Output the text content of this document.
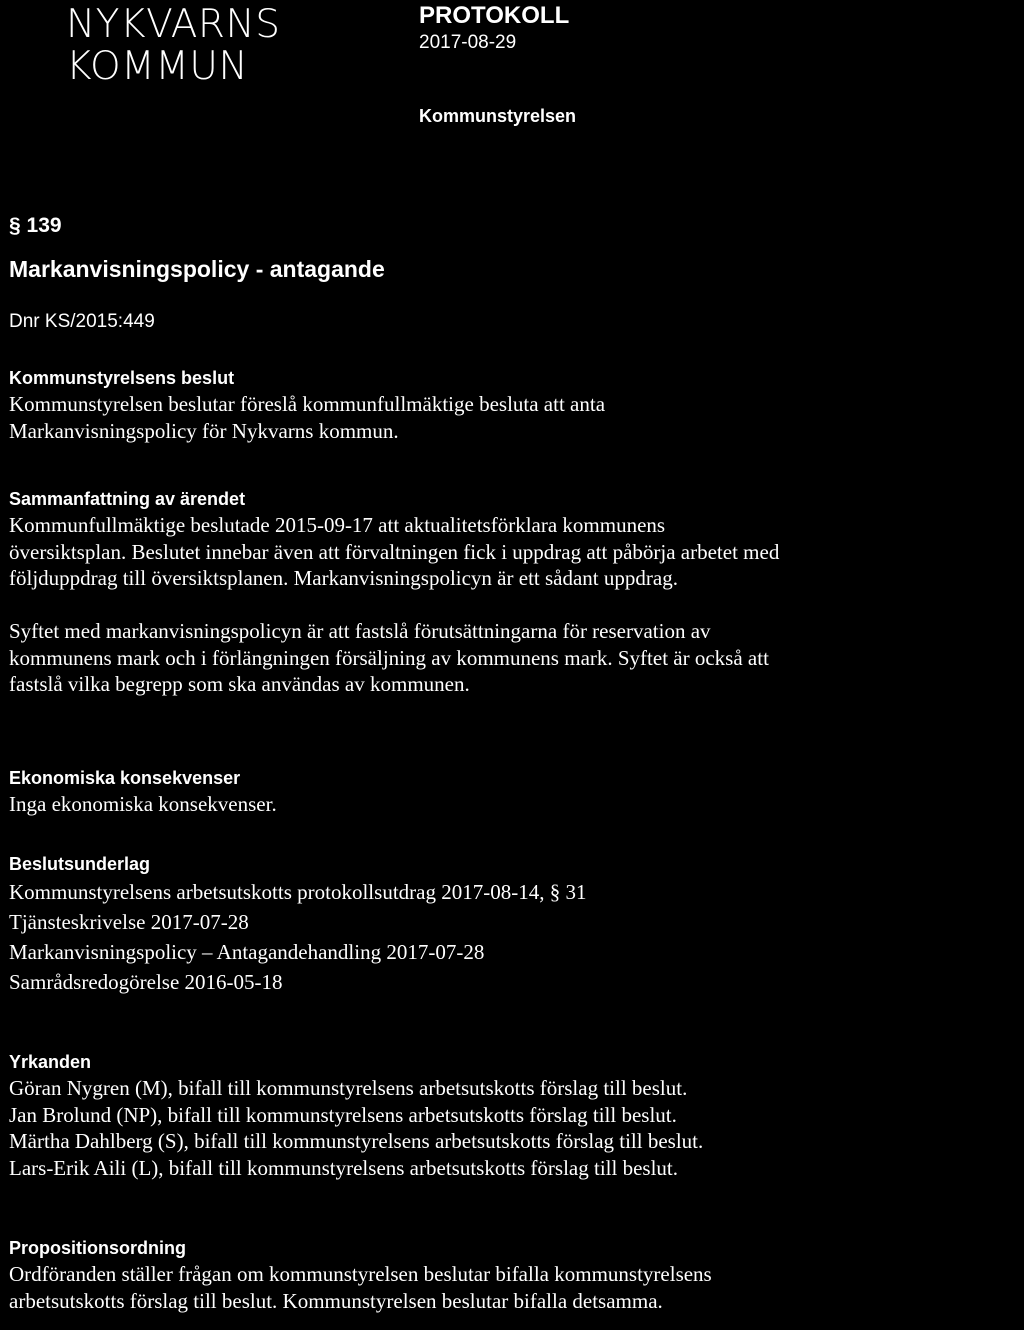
NYKVARNS
KOMMUN
PROTOKOLL
2017-08-29
Kommunstyrelsen
§ 139
Markanvisningspolicy - antagande
Dnr KS/2015:449
Kommunstyrelsens beslut
Kommunstyrelsen beslutar föreslå kommunfullmäktige besluta att anta
Markanvisningspolicy för Nykvarns kommun.
Sammanfattning av ärendet
Kommunfullmäktige beslutade 2015-09-17 att aktualitetsförklara kommunens
översiktsplan. Beslutet innebar även att förvaltningen fick i uppdrag att påbörja arbetet med
följduppdrag till översiktsplanen. Markanvisningspolicyn är ett sådant uppdrag.
Syftet med markanvisningspolicyn är att fastslå förutsättningarna för reservation av
kommunens mark och i förlängningen försäljning av kommunens mark. Syftet är också att
fastslå vilka begrepp som ska användas av kommunen.
Ekonomiska konsekvenser
Inga ekonomiska konsekvenser.
Beslutsunderlag
Kommunstyrelsens arbetsutskotts protokollsutdrag 2017-08-14, § 31
Tjänsteskrivelse 2017-07-28
Markanvisningspolicy – Antagandehandling 2017-07-28
Samrådsredogörelse 2016-05-18
Yrkanden
Göran Nygren (M), bifall till kommunstyrelsens arbetsutskotts förslag till beslut.
Jan Brolund (NP), bifall till kommunstyrelsens arbetsutskotts förslag till beslut.
Märtha Dahlberg (S), bifall till kommunstyrelsens arbetsutskotts förslag till beslut.
Lars-Erik Aili (L), bifall till kommunstyrelsens arbetsutskotts förslag till beslut.
Propositionsordning
Ordföranden ställer frågan om kommunstyrelsen beslutar bifalla kommunstyrelsens
arbetsutskotts förslag till beslut. Kommunstyrelsen beslutar bifalla detsamma.
